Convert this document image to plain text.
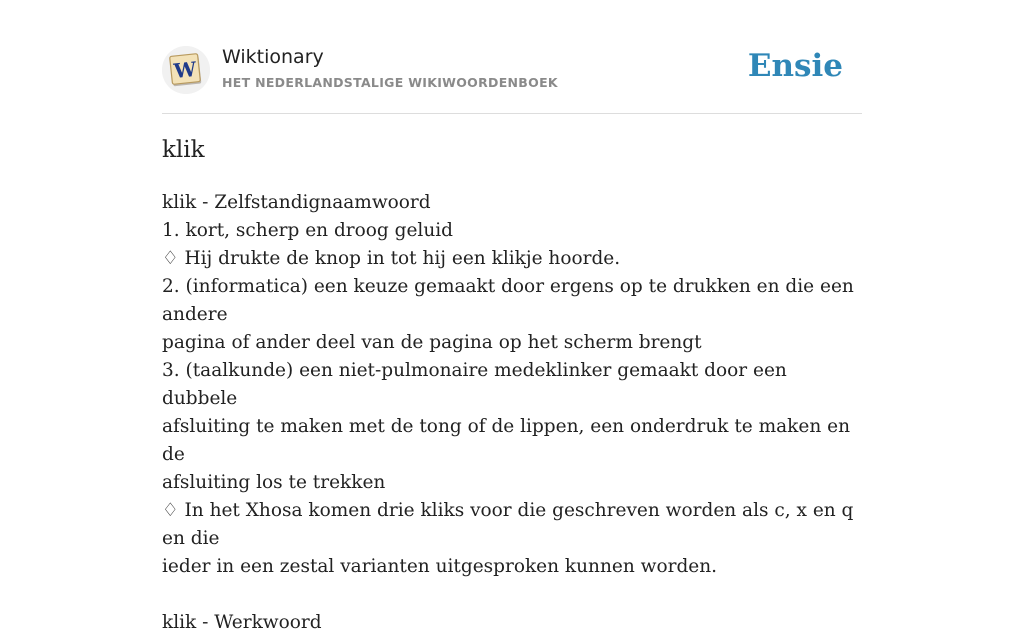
W Wiktionary
HET NEDERLANDSTALIGE WIKIWOORDENBOEK	Ensie
klik
klik - Zelfstandignaamwoord
1. kort, scherp en droog geluid
♢ Hij drukte de knop in tot hij een klikje hoorde.
2. (informatica) een keuze gemaakt door ergens op te drukken en die een andere
pagina of ander deel van de pagina op het scherm brengt
3. (taalkunde) een niet-pulmonaire medeklinker gemaakt door een dubbele
afsluiting te maken met de tong of de lippen, een onderdruk te maken en de
afsluiting los te trekken
♢ In het Xhosa komen drie kliks voor die geschreven worden als c, x en q en die
ieder in een zestal varianten uitgesproken kunnen worden.
klik - Werkwoord
